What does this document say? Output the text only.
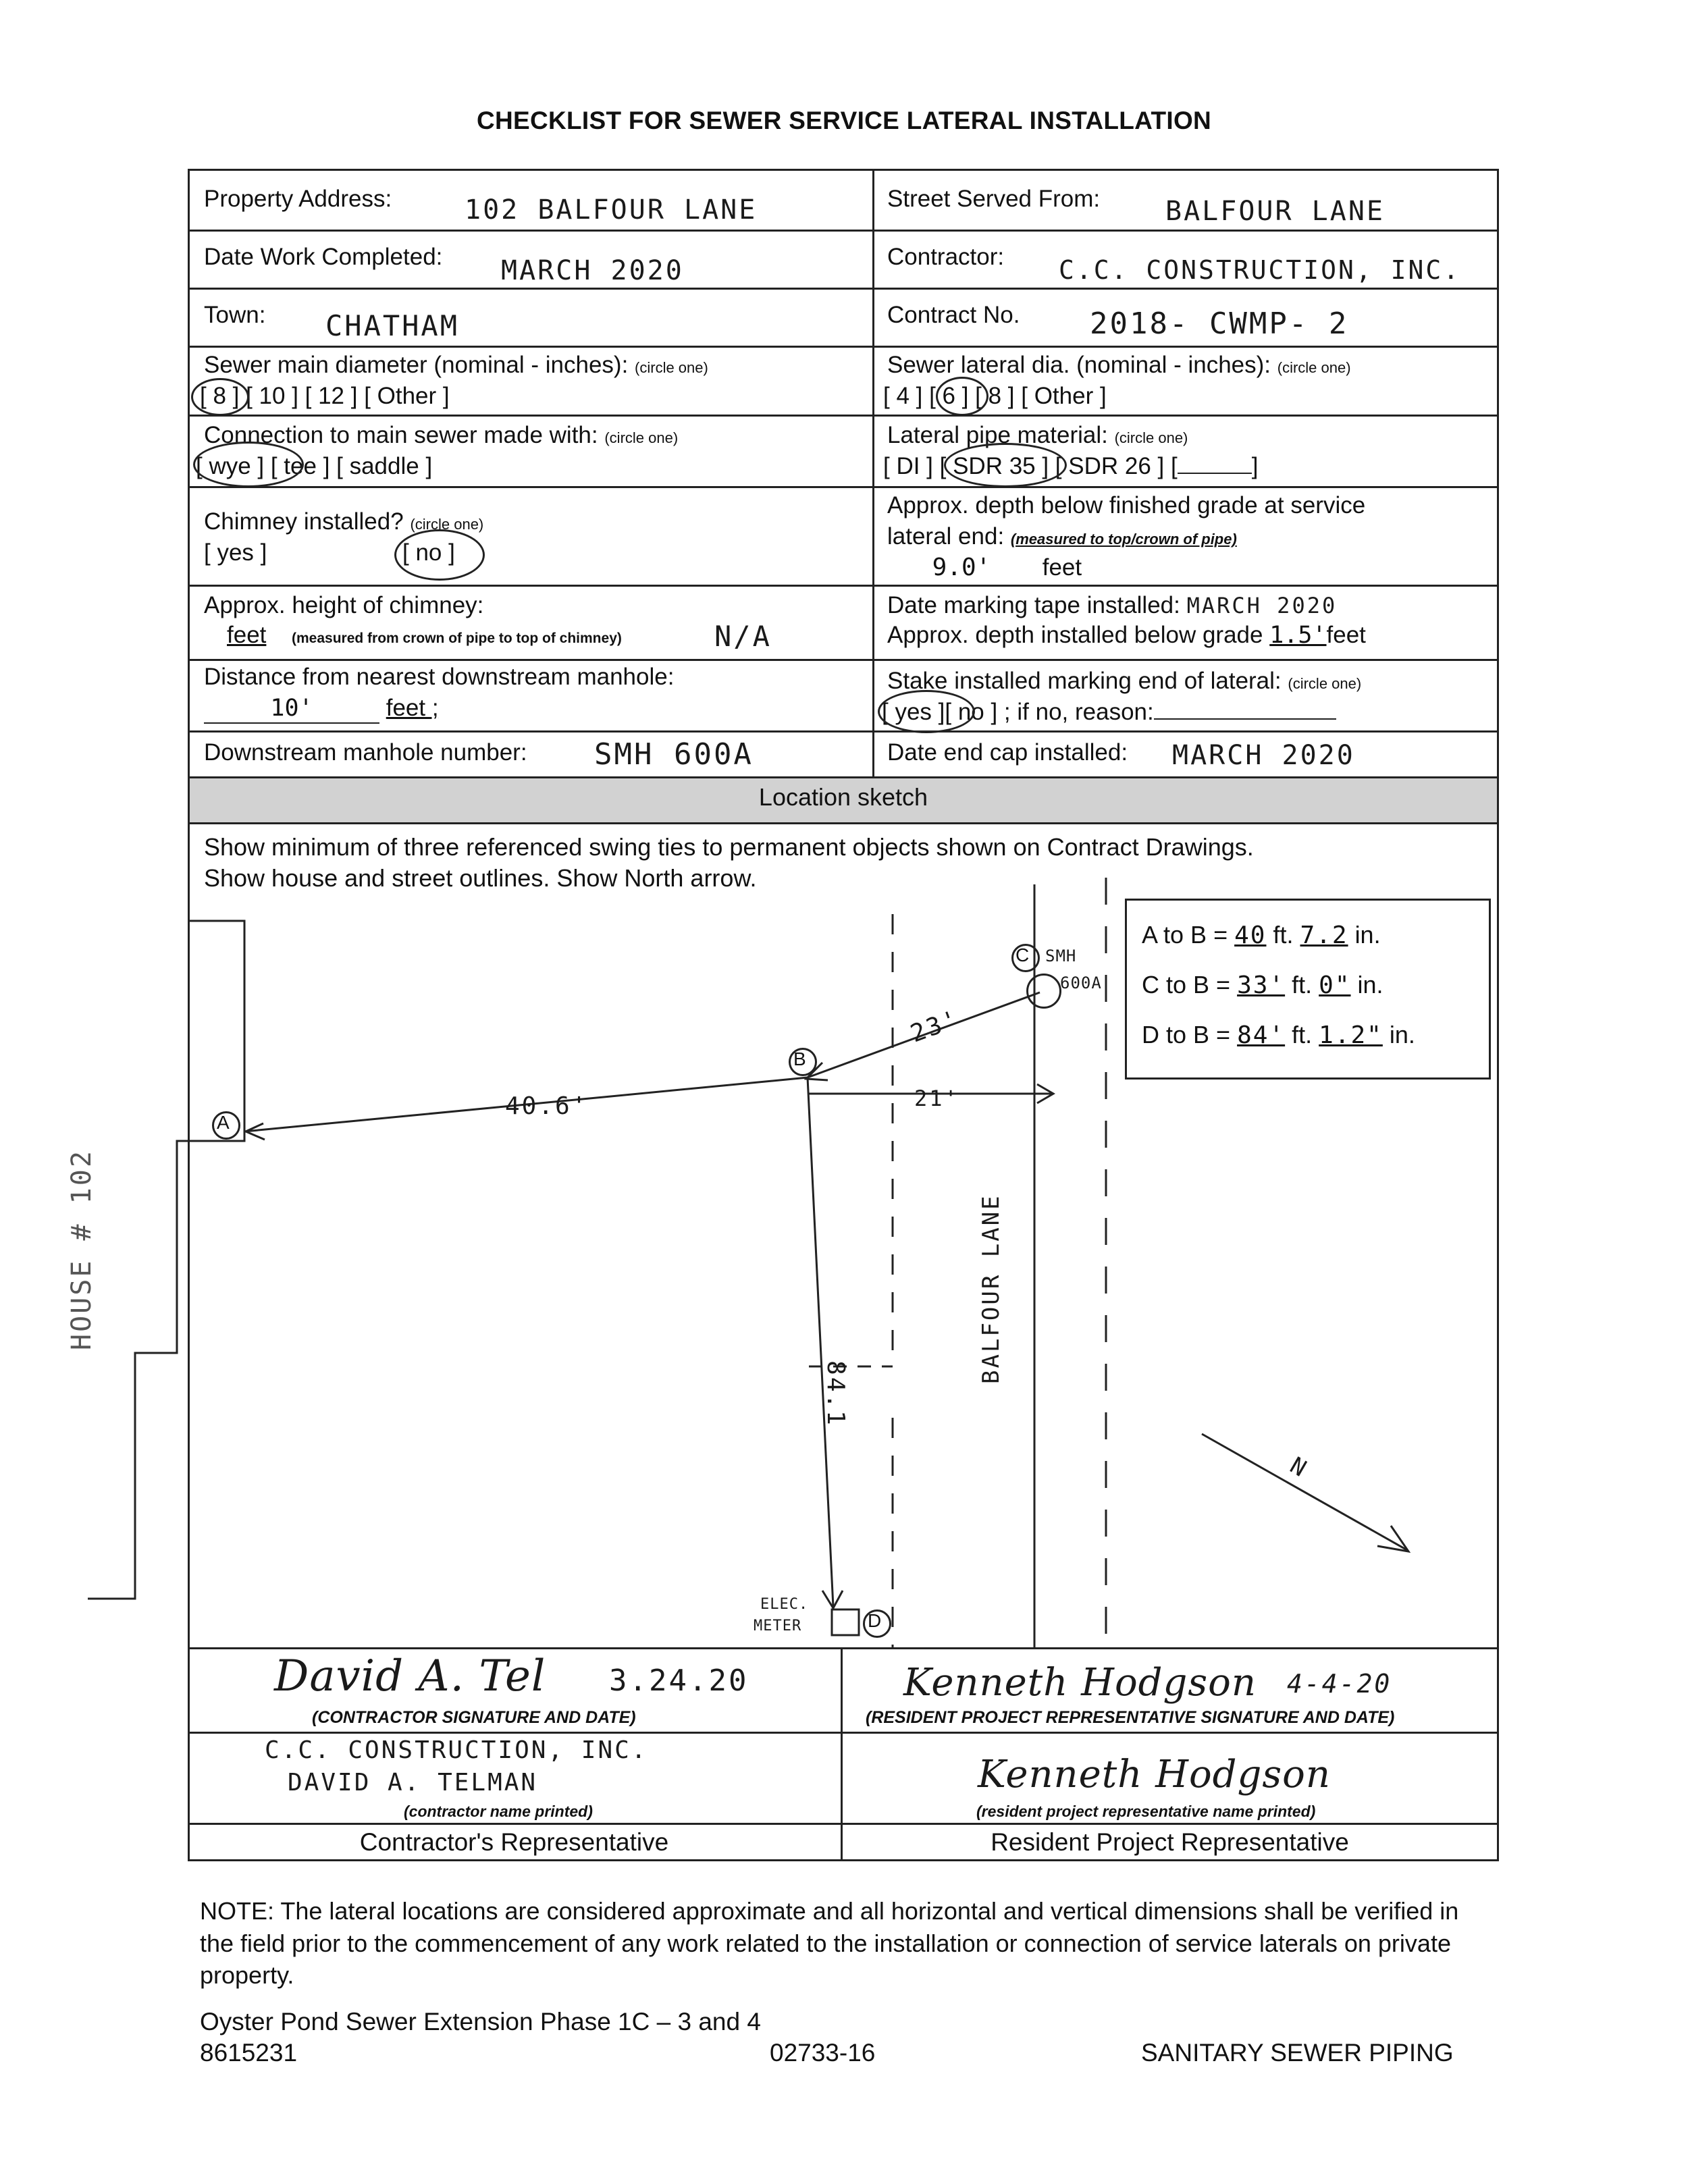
CHECKLIST FOR SEWER SERVICE LATERAL INSTALLATION
Location sketch
Property Address:	102 BALFOUR LANE	Street Served From: BALFOUR LANE
Date Work Completed: MARCH 2020	Contractor: C.C. CONSTRUCTION, INC.
Town: CHATHAM	Contract No. 2018- CWMP- 2
Sewer main diameter (nominal - inches): (circle one)
[ 8 ] [ 10 ] [ 12 ] [ Other ]
Sewer lateral dia. (nominal - inches): (circle one)
[ 4 ] [ 6 ] [ 8 ] [ Other ]
Connection to main sewer made with: (circle one)
[ wye ] [ tee ] [ saddle ]
Lateral pipe material: (circle one)
[ DI ] [ SDR 35 ] [ SDR 26 ] [	]
Chimney installed? (circle one)
[ yes ]	[ no ]
Approx. depth below finished grade at service
lateral end: (measured to top/crown of pipe)
9.0' feet
Approx. height of chimney:
feet (measured from crown of pipe to top of chimney)	N/A
Date marking tape installed: MARCH 2020
Approx. depth installed below grade 1.5'feet
Distance from nearest downstream manhole:
10'	feet ;
Stake installed marking end of lateral: (circle one)
[ yes ][ no ] ; if no, reason:
Downstream manhole number: SMH 600A	Date end cap installed: MARCH 2020
Show minimum of three referenced swing ties to permanent objects shown on Contract Drawings.
Show house and street outlines. Show North arrow.
A
B
C
D
SMH
600A
40.6'
23'
21'
84.1
ELEC.
METER
N
BALFOUR LANE
HOUSE # 102
A to B = 40 ft. 7.2 in.
C to B = 33' ft. 0" in.
D to B = 84' ft. 1.2" in.
David A. Tel 3.24.20
(CONTRACTOR SIGNATURE AND DATE)
Kenneth Hodgson 4-4-20
(RESIDENT PROJECT REPRESENTATIVE SIGNATURE AND DATE)
C.C. CONSTRUCTION, INC.
DAVID A. TELMAN
(contractor name printed)
Kenneth Hodgson
(resident project representative name printed)
Contractor's Representative	Resident Project Representative
NOTE: The lateral locations are considered approximate and all horizontal and vertical dimensions shall be verified in the field prior to the commencement of any work related to the installation or connection of service laterals on private property.
Oyster Pond Sewer Extension Phase 1C – 3 and 4
8615231	02733-16	SANITARY SEWER PIPING
